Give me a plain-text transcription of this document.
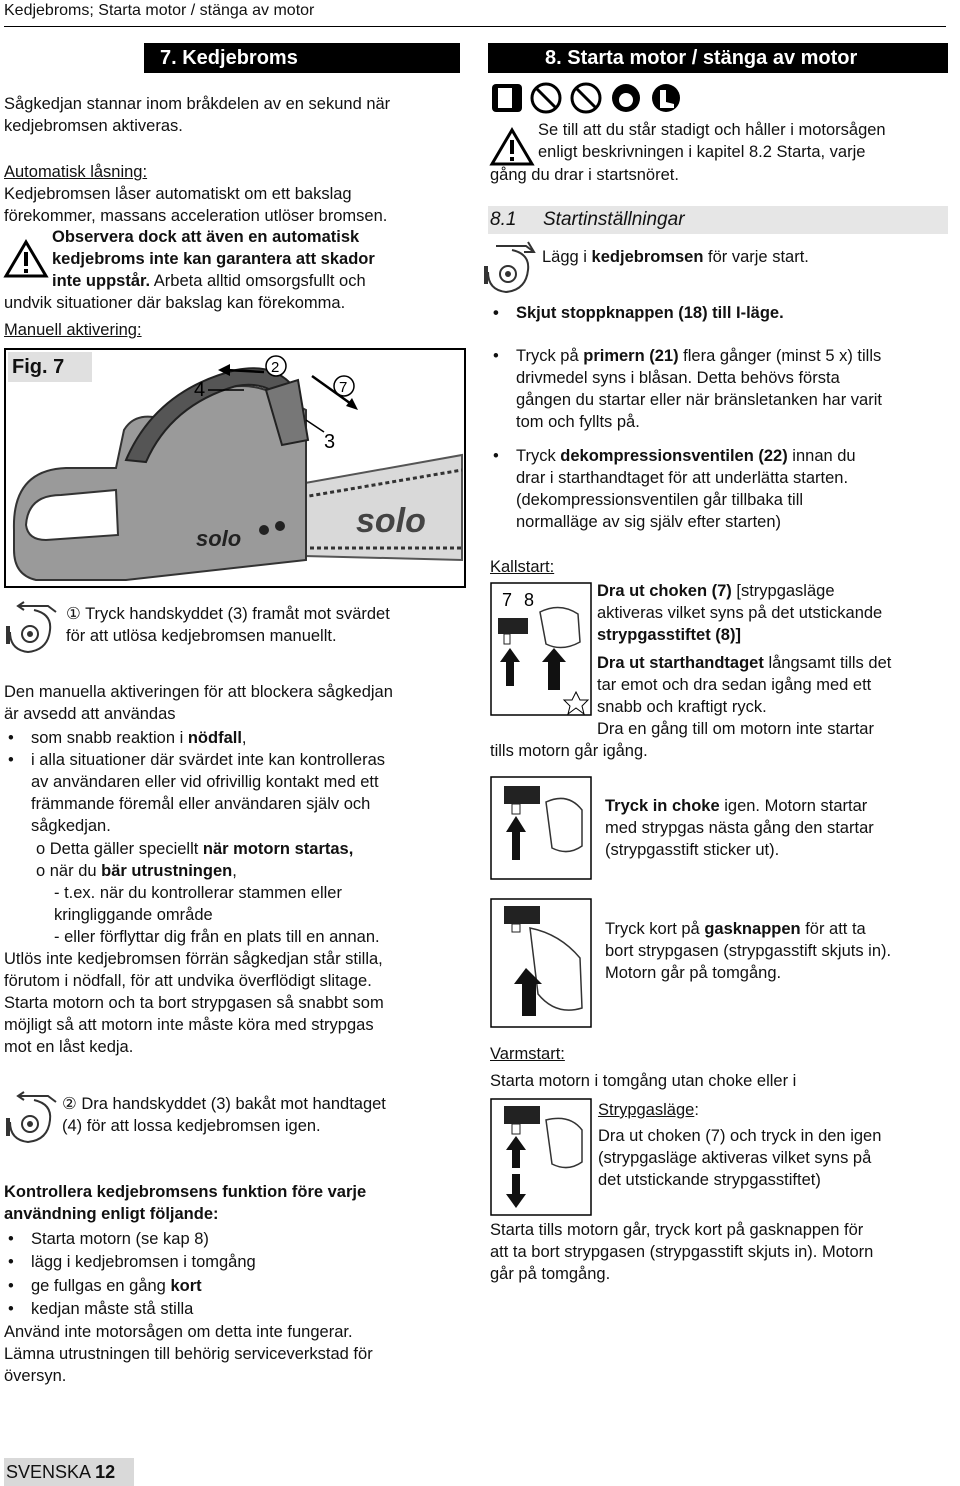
Kedjebroms; Starta motor / stänga av motor
7. Kedjebroms
Sågkedjan stannar inom bråkdelen av en sekund när
kedjebromsen aktiveras.
Automatisk låsning:
Kedjebromsen låser automatiskt om ett bakslag
förekommer, massans acceleration utlöser bromsen.
Observera dock att även en automatisk
kedjebroms inte kan garantera att skador
inte uppstår. Arbeta alltid omsorgsfullt och
undvik situationer där bakslag kan förekomma.
Manuell aktivering:
Fig. 7
solo
solo
2
4	7
3
① Tryck handskyddet (3) framåt mot svärdet
för att utlösa kedjebromsen manuellt.
Den manuella aktiveringen för att blockera sågkedjan
är avsedd att användas
• som snabb reaktion i nödfall,
• i alla situationer där svärdet inte kan kontrolleras
av användaren eller vid ofrivillig kontakt med ett
främmande föremål eller användaren själv och
sågkedjan.
o Detta gäller speciellt när motorn startas,
o när du bär utrustningen,
- t.ex. när du kontrollerar stammen eller
kringliggande område
- eller förflyttar dig från en plats till en annan.
Utlös inte kedjebromsen förrän sågkedjan står stilla,
förutom i nödfall, för att undvika överflödigt slitage.
Starta motorn och ta bort strypgasen så snabbt som
möjligt så att motorn inte måste köra med strypgas
mot en låst kedja.
② Dra handskyddet (3) bakåt mot handtaget
(4) för att lossa kedjebromsen igen.
Kontrollera kedjebromsens funktion före varje
användning enligt följande:
• Starta motorn (se kap 8)
• lägg i kedjebromsen i tomgång
• ge fullgas en gång kort
• kedjan måste stå stilla
Använd inte motorsågen om detta inte fungerar.
Lämna utrustningen till behörig serviceverkstad för
översyn.
8. Starta motor / stänga av motor
Se till att du står stadigt och håller i motorsågen
enligt beskrivningen i kapitel 8.2 Starta, varje
gång du drar i startsnöret.
8.1 Startinställningar
Lägg i kedjebromsen för varje start.
• Skjut stoppknappen (18) till I-läge.
• Tryck på primern (21) flera gånger (minst 5 x) tills
drivmedel syns i blåsan. Detta behövs första
gången du startar eller när bränsletanken har varit
tom och fyllts på.
• Tryck dekompressionsventilen (22) innan du
drar i starthandtaget för att underlätta starten.
(dekompressionsventilen går tillbaka till
normalläge av sig själv efter starten)
Kallstart:
7 8	Dra ut choken (7) [strypgasläge
aktiveras vilket syns på det utstickande
strypgasstiftet (8)]
Dra ut starthandtaget långsamt tills det
tar emot och dra sedan igång med ett
snabb och kraftigt ryck.
Dra en gång till om motorn inte startar
tills motorn går igång.
Tryck in choke igen. Motorn startar
med strypgas nästa gång den startar
(strypgasstift sticker ut).
Tryck kort på gasknappen för att ta
bort strypgasen (strypgasstift skjuts in).
Motorn går på tomgång.
Varmstart:
Starta motorn i tomgång utan choke eller i
Strypgasläge:
Dra ut choken (7) och tryck in den igen
(strypgasläge aktiveras vilket syns på
det utstickande strypgasstiftet)
Starta tills motorn går, tryck kort på gasknappen för
att ta bort strypgasen (strypgasstift skjuts in). Motorn
går på tomgång.
SVENSKA 12
